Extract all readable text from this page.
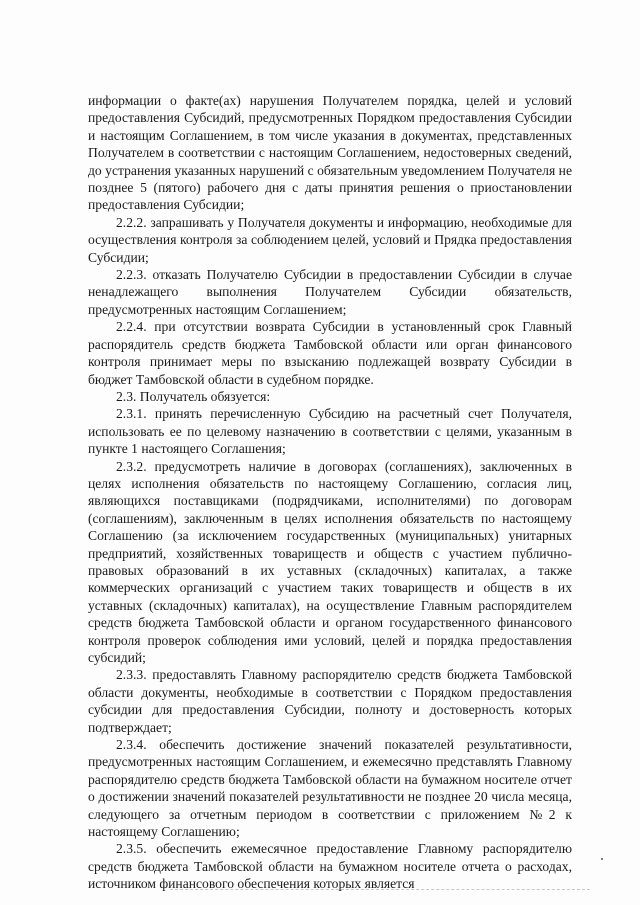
информации о факте(ах) нарушения Получателем порядка, целей и условий предоставления Субсидий, предусмотренных Порядком предоставления Субсидии и настоящим Соглашением, в том числе указания в документах, представленных Получателем в соответствии с настоящим Соглашением, недостоверных сведений, до устранения указанных нарушений с обязательным уведомлением Получателя не позднее 5 (пятого) рабочего дня с даты принятия решения о приостановлении предоставления Субсидии;

2.2.2. запрашивать у Получателя документы и информацию, необходимые для осуществления контроля за соблюдением целей, условий и Прядка предоставления Субсидии;

2.2.3. отказать Получателю Субсидии в предоставлении Субсидии в случае ненадлежащего выполнения Получателем Субсидии обязательств, предусмотренных настоящим Соглашением;

2.2.4. при отсутствии возврата Субсидии в установленный срок Главный распорядитель средств бюджета Тамбовской области или орган финансового контроля принимает меры по взысканию подлежащей возврату Субсидии в бюджет Тамбовской области в судебном порядке.

2.3. Получатель обязуется:

2.3.1. принять перечисленную Субсидию на расчетный счет Получателя, использовать ее по целевому назначению в соответствии с целями, указанным в пункте 1 настоящего Соглашения;

2.3.2. предусмотреть наличие в договорах (соглашениях), заключенных в целях исполнения обязательств по настоящему Соглашению, согласия лиц, являющихся поставщиками (подрядчиками, исполнителями) по договорам (соглашениям), заключенным в целях исполнения обязательств по настоящему Соглашению (за исключением государственных (муниципальных) унитарных предприятий, хозяйственных товариществ и обществ с участием публично-правовых образований в их уставных (складочных) капиталах, а также коммерческих организаций с участием таких товариществ и обществ в их уставных (складочных) капиталах), на осуществление Главным распорядителем средств бюджета Тамбовской области и органом государственного финансового контроля проверок соблюдения ими условий, целей и порядка предоставления субсидий;

2.3.3. предоставлять Главному распорядителю средств бюджета Тамбовской области документы, необходимые в соответствии с Порядком предоставления субсидии для предоставления Субсидии, полноту и достоверность которых подтверждает;

2.3.4. обеспечить достижение значений показателей результативности, предусмотренных настоящим Соглашением, и ежемесячно представлять Главному распорядителю средств бюджета Тамбовской области на бумажном носителе отчет о достижении значений показателей результативности не позднее 20 числа месяца, следующего за отчетным периодом в соответствии с приложением №2 к настоящему Соглашению;

2.3.5. обеспечить ежемесячное предоставление Главному распорядителю средств бюджета Тамбовской области на бумажном носителе отчета о расходах, источником финансового обеспечения которых является
